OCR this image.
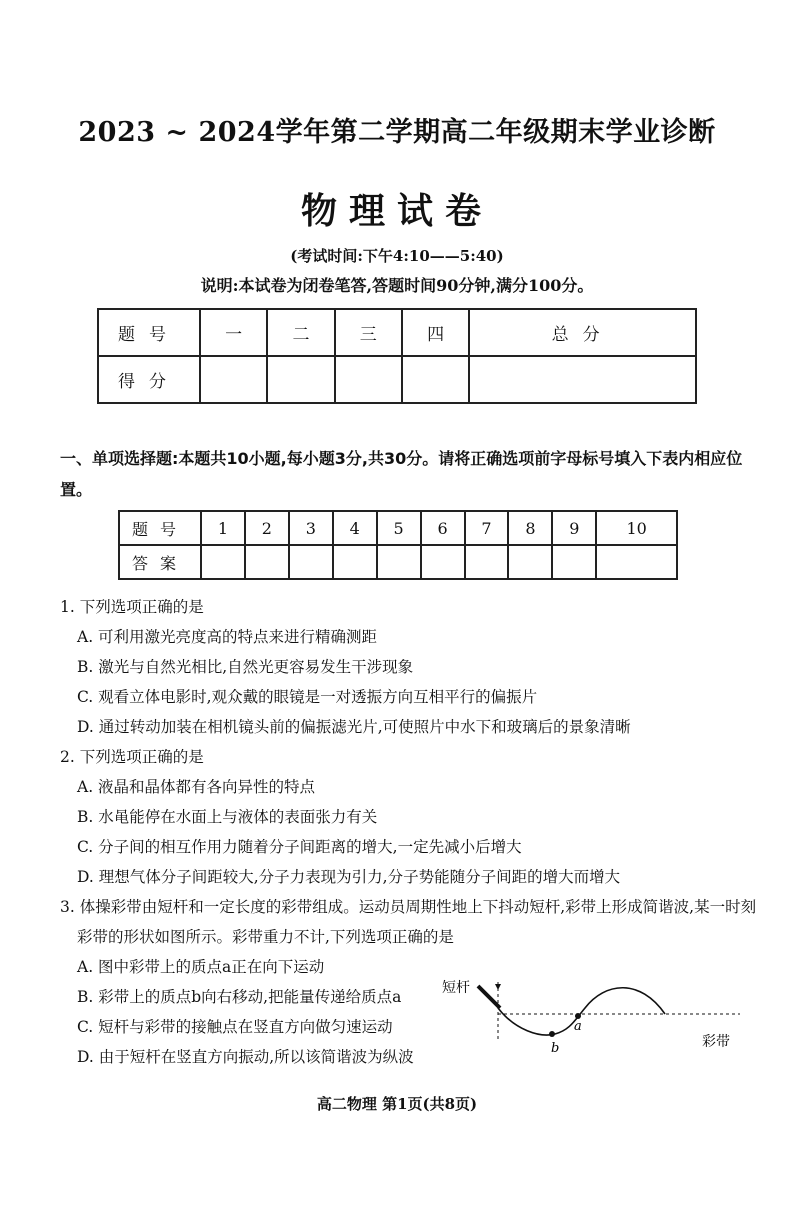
2023 ~ 2024学年第二学期高二年级期末学业诊断
物理试卷
(考试时间:下午4:10——5:40)
说明:本试卷为闭卷笔答,答题时间90分钟,满分100分。
题号	一	二	三	四	总分
得分					
一、单项选择题:本题共10小题,每小题3分,共30分。请将正确选项前字母标号填入下表内相应位置。
题号	1	2	3	4	5	6	7	8	9	10
答案										

1. 下列选项正确的是

A. 可利用激光亮度高的特点来进行精确测距

B. 激光与自然光相比,自然光更容易发生干涉现象

C. 观看立体电影时,观众戴的眼镜是一对透振方向互相平行的偏振片

D. 通过转动加装在相机镜头前的偏振滤光片,可使照片中水下和玻璃后的景象清晰

2. 下列选项正确的是

A. 液晶和晶体都有各向异性的特点

B. 水黾能停在水面上与液体的表面张力有关

C. 分子间的相互作用力随着分子间距离的增大,一定先减小后增大

D. 理想气体分子间距较大,分子力表现为引力,分子势能随分子间距的增大而增大

3. 体操彩带由短杆和一定长度的彩带组成。运动员周期性地上下抖动短杆,彩带上形成简谐波,某一时刻彩带的形状如图所示。彩带重力不计,下列选项正确的是

A. 图中彩带上的质点a正在向下运动

B. 彩带上的质点b向右移动,把能量传递给质点a

C. 短杆与彩带的接触点在竖直方向做匀速运动

D. 由于短杆在竖直方向振动,所以该简谐波为纵波

短杆
a
b	彩带
高二物理 第1页(共8页)
